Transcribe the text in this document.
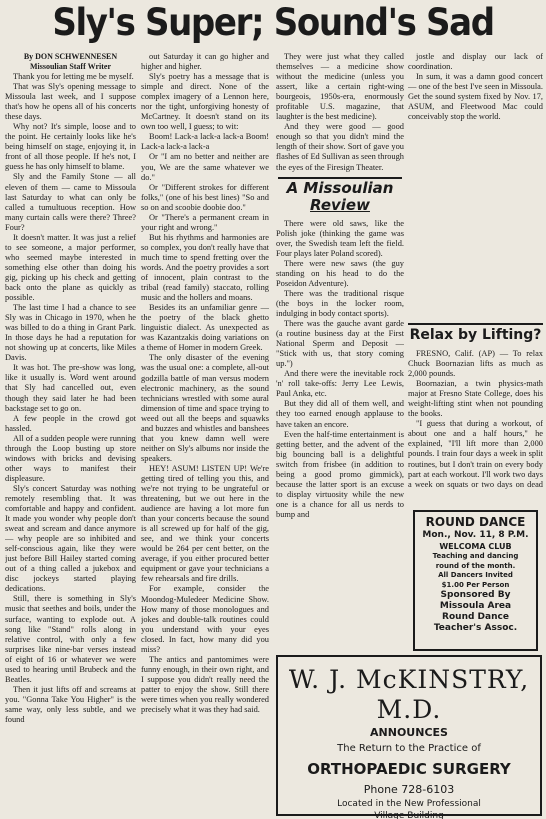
Sly's Super; Sound's Sad

By DON SCHWENNESEN

Missoulian Staff Writer

Thank you for letting me be myself.

That was Sly's opening message to Missoula last week, and I suppose that's how he opens all of his concerts these days.

Why not? It's simple, loose and to the point. He certainly looks like he's being himself on stage, enjoying it, in front of all those people. If he's not, I guess he has only himself to blame.

Sly and the Family Stone — all eleven of them — came to Missoula last Saturday to what can only be called a tumultuous reception. How many curtain calls were there? Three? Four?

It doesn't matter. It was just a relief to see someone, a major performer, who seemed maybe interested in something else other than doing his gig, picking up his check and getting back onto the plane as quickly as possible.

The last time I had a chance to see Sly was in Chicago in 1970, when he was billed to do a thing in Grant Park. In those days he had a reputation for not showing up at concerts, like Miles Davis.

It was hot. The pre-show was long, like it usually is. Word went around that Sly had cancelled out, even though they said later he had been backstage set to go on.

A few people in the crowd got hassled.

All of a sudden people were running through the Loop busting up store windows with bricks and devising other ways to manifest their displeasure.

Sly's concert Saturday was nothing remotely resembling that. It was comfortable and happy and confident. It made you wonder why people don't sweat and scream and dance anymore — why people are so inhibited and self-conscious again, like they were just before Bill Hailey started coming out of a thing called a jukebox and disc jockeys started playing dedications.

Still, there is something in Sly's music that seethes and boils, under the surface, wanting to explode out. A song like "Stand" rolls along in relative control, with only a few surprises like nine-bar verses instead of eight of 16 or whatever we were used to hearing until Brubeck and the Beatles.

Then it just lifts off and screams at you. "Gonna Take You Higher" is the same way, only less subtle, and we found

out Saturday it can go higher and higher and higher.

Sly's poetry has a message that is simple and direct. None of the complex imagery of a Lennon here, nor the tight, unforgiving honesty of McCartney. It doesn't stand on its own too well, I guess; to wit:

Boom! Lack-a lack-a lack-a Boom! Lack-a lack-a lack-a

Or "I am no better and neither are you, We are the same whatever we do."

Or "Different strokes for different folks," (one of his best lines) "So and so on and scoobie doobie doo."

Or "There's a permanent cream in your right and wrong."

But his rhythms and harmonies are so complex, you don't really have that much time to spend fretting over the words. And the poetry provides a sort of innocent, plain contrast to the tribal (read family) staccato, rolling music and the hollers and moans.

Besides its an unfamiliar genre — the poetry of the black ghetto linguistic dialect. As unexpected as was Kazantzakis doing variations on a theme of Homer in modern Greek.

The only disaster of the evening was the usual one: a complete, all-out godzilla battle of man versus modern electronic machinery, as the sound technicians wrestled with some aural dimension of time and space trying to weed out all the beeps and squawks and buzzes and whistles and banshees that you knew damn well were neither on Sly's albums nor inside the speakers.

HEY! ASUM! LISTEN UP! We're getting tired of telling you this, and we're not trying to be ungrateful or threatening, but we out here in the audience are having a lot more fun than your concerts because the sound is all screwed up for half of the gig, see, and we think your concerts would be 264 per cent better, on the average, if you either procured better equipment or gave your technicians a few rehearsals and fire drills.

For example, consider the Moondog-Muledeer Medicine Show. How many of those monologues and jokes and double-talk routines could you understand with your eyes closed. In fact, how many did you miss?

The antics and pantomimes were funny enough, in their own right, and I suppose you didn't really need the patter to enjoy the show. Still there were times when you really wondered precisely what it was they had said.

They were just what they called themselves — a medicine show without the medicine (unless you assert, like a certain right-wing bourgeois, 1950s-era, enormously profitable U.S. magazine, that laughter is the best medicine).

And they were good — good enough so that you didn't mind the length of their show. Sort of gave you flashes of Ed Sullivan as seen through the eyes of the Firesign Theater.

A Missoulian
Review

There were old saws, like the Polish joke (thinking the game was over, the Swedish team left the field. Four plays later Poland scored).

There were new saws (the guy standing on his head to do the Poseidon Adventure).

There was the traditional risque (the boys in the locker room, indulging in body contact sports).

There was the gauche avant garde (a routine business day at the First National Sperm and Deposit — "Stick with us, that story coming up.")

And there were the inevitable rock 'n' roll take-offs: Jerry Lee Lewis, Paul Anka, etc.

But they did all of them well, and they too earned enough applause to have taken an encore.

Even the half-time entertainment is getting better, and the advent of the big bouncing ball is a delightful switch from frisbee (in addition to being a good promo gimmick), because the latter sport is an excuse to display virtuosity while the new one is a chance for all us nerds to bump and

jostle and display our lack of coordination.

In sum, it was a damn good concert — one of the best I've seen in Missoula. Get the sound system fixed by Nov. 17, ASUM, and Fleetwood Mac could conceivably stop the world.

Relax by Lifting?

FRESNO, Calif. (AP) — To relax Chuck Boornazian lifts as much as 2,000 pounds.

Boornazian, a twin physics-math major at Fresno State College, does his weight-lifting stint when not pounding the books.

"I guess that during a workout, of about one and a half hours," he explained, "I'll lift more than 2,000 pounds. I train four days a week in split routines, but I don't train on every body part at each workout. I'll work two days a week on squats or two days on dead

ROUND DANCE
Mon., Nov. 11, 8 P.M.
WELCOMA CLUB
Teaching and dancing
round of the month.
All Dancers Invited
$1.00 Per Person
Sponsored By
Missoula Area
Round Dance
Teacher's Assoc.
W. J. McKINSTRY, M.D.
ANNOUNCES
The Return to the Practice of
ORTHOPAEDIC SURGERY
Phone 728-6103
Located in the New Professional
Village Building
